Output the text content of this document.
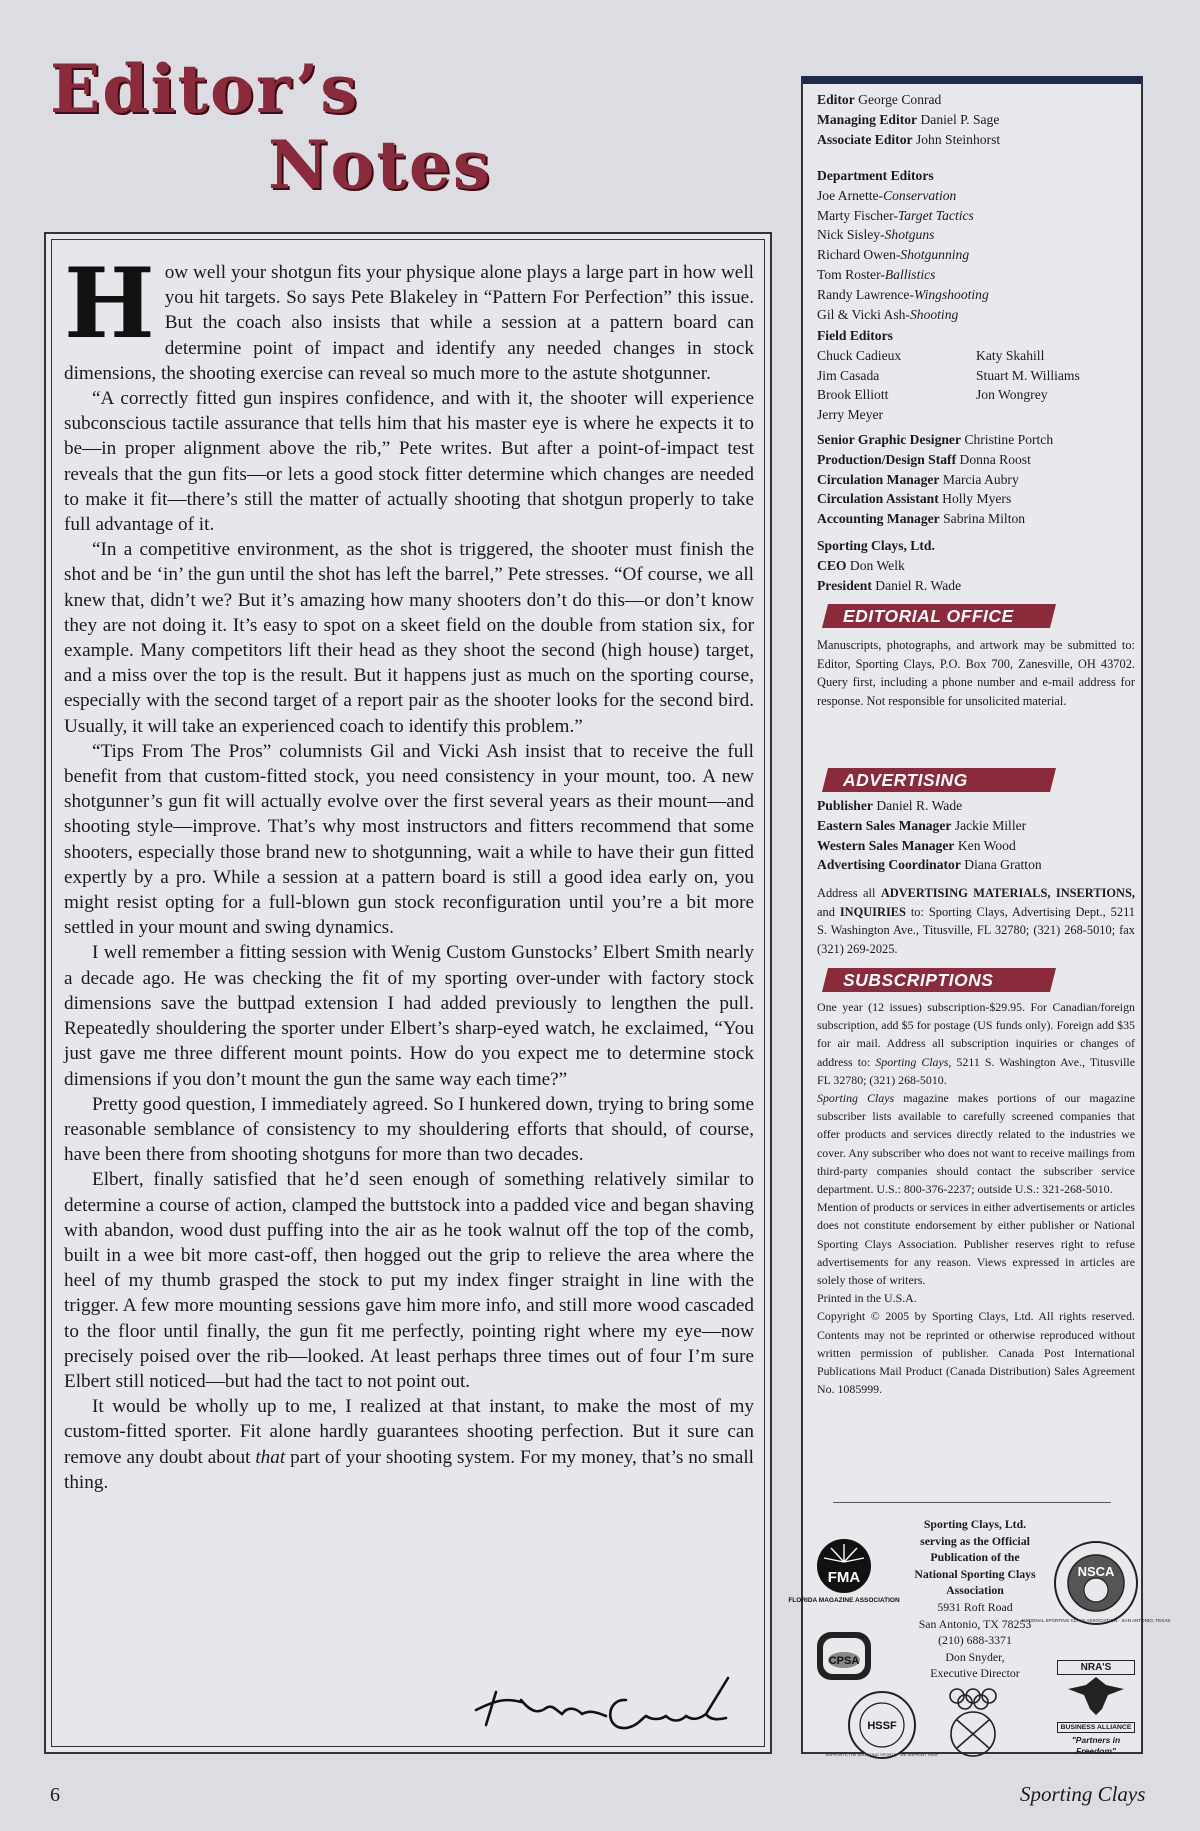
Editor’s
Notes

How well your shotgun fits your physique alone plays a large part in how well you hit targets. So says Pete Blakeley in “Pattern For Perfection” this issue. But the coach also insists that while a session at a pattern board can determine point of impact and identify any needed changes in stock dimensions, the shooting exercise can reveal so much more to the astute shotgunner.

“A correctly fitted gun inspires confidence, and with it, the shooter will experience subconscious tactile assurance that tells him that his master eye is where he expects it to be—in proper alignment above the rib,” Pete writes. But after a point-of-impact test reveals that the gun fits—or lets a good stock fitter determine which changes are needed to make it fit—there’s still the matter of actually shooting that shotgun properly to take full advantage of it.

“In a competitive environment, as the shot is triggered, the shooter must finish the shot and be ‘in’ the gun until the shot has left the barrel,” Pete stresses. “Of course, we all knew that, didn’t we? But it’s amazing how many shooters don’t do this—or don’t know they are not doing it. It’s easy to spot on a skeet field on the double from station six, for example. Many competitors lift their head as they shoot the second (high house) target, and a miss over the top is the result. But it happens just as much on the sporting course, especially with the second target of a report pair as the shooter looks for the second bird. Usually, it will take an experienced coach to identify this problem.”

“Tips From The Pros” columnists Gil and Vicki Ash insist that to receive the full benefit from that custom-fitted stock, you need consistency in your mount, too. A new shotgunner’s gun fit will actually evolve over the first several years as their mount—and shooting style—improve. That’s why most instructors and fitters recommend that some shooters, especially those brand new to shotgunning, wait a while to have their gun fitted expertly by a pro. While a session at a pattern board is still a good idea early on, you might resist opting for a full-blown gun stock reconfiguration until you’re a bit more settled in your mount and swing dynamics.

I well remember a fitting session with Wenig Custom Gunstocks’ Elbert Smith nearly a decade ago. He was checking the fit of my sporting over-under with factory stock dimensions save the buttpad extension I had added previously to lengthen the pull. Repeatedly shouldering the sporter under Elbert’s sharp-eyed watch, he exclaimed, “You just gave me three different mount points. How do you expect me to determine stock dimensions if you don’t mount the gun the same way each time?”

Pretty good question, I immediately agreed. So I hunkered down, trying to bring some reasonable semblance of consistency to my shouldering efforts that should, of course, have been there from shooting shotguns for more than two decades.

Elbert, finally satisfied that he’d seen enough of something relatively similar to determine a course of action, clamped the buttstock into a padded vice and began shaving with abandon, wood dust puffing into the air as he took walnut off the top of the comb, built in a wee bit more cast-off, then hogged out the grip to relieve the area where the heel of my thumb grasped the stock to put my index finger straight in line with the trigger. A few more mounting sessions gave him more info, and still more wood cascaded to the floor until finally, the gun fit me perfectly, pointing right where my eye—now precisely poised over the rib—looked. At least perhaps three times out of four I’m sure Elbert still noticed—but had the tact to not point out.

It would be wholly up to me, I realized at that instant, to make the most of my custom-fitted sporter. Fit alone hardly guarantees shooting perfection. But it sure can remove any doubt about that part of your shooting system. For my money, that’s no small thing.

Editor George Conrad

Managing Editor Daniel P. Sage

Associate Editor John Steinhorst

Department Editors

Joe Arnette-Conservation

Marty Fischer-Target Tactics

Nick Sisley-Shotguns

Richard Owen-Shotgunning

Tom Roster-Ballistics

Randy Lawrence-Wingshooting

Gil & Vicki Ash-Shooting

Field Editors

Chuck Cadieux

Jim Casada

Brook Elliott

Jerry Meyer

Katy Skahill

Stuart M. Williams

Jon Wongrey

Senior Graphic Designer Christine Portch

Production/Design Staff Donna Roost

Circulation Manager Marcia Aubry

Circulation Assistant Holly Myers

Accounting Manager Sabrina Milton

Sporting Clays, Ltd.

CEO Don Welk

President Daniel R. Wade

EDITORIAL OFFICE
Manuscripts, photographs, and artwork may be submitted to: Editor, Sporting Clays, P.O. Box 700, Zanesville, OH 43702. Query first, including a phone number and e-mail address for response. Not responsible for unsolicited material.
ADVERTISING

Publisher Daniel R. Wade

Eastern Sales Manager Jackie Miller

Western Sales Manager Ken Wood

Advertising Coordinator Diana Gratton

Address all ADVERTISING MATERIALS, INSERTIONS, and INQUIRIES to: Sporting Clays, Advertising Dept., 5211 S. Washington Ave., Titusville, FL 32780; (321) 268-5010; fax (321) 269-2025.
SUBSCRIPTIONS

One year (12 issues) subscription-$29.95. For Canadian/foreign subscription, add $5 for postage (US funds only). Foreign add $35 for air mail. Address all subscription inquiries or changes of address to: Sporting Clays, 5211 S. Washington Ave., Titusville FL 32780; (321) 268-5010.

Sporting Clays magazine makes portions of our magazine subscriber lists available to carefully screened companies that offer products and services directly related to the industries we cover. Any subscriber who does not want to receive mailings from third-party companies should contact the subscriber service department. U.S.: 800-376-2237; outside U.S.: 321-268-5010.

Mention of products or services in either advertisements or articles does not constitute endorsement by either publisher or National Sporting Clays Association. Publisher reserves right to refuse advertisements for any reason. Views expressed in articles are solely those of writers.

Printed in the U.S.A.

Copyright © 2005 by Sporting Clays, Ltd. All rights reserved. Contents may not be reprinted or otherwise reproduced without written permission of publisher. Canada Post International Publications Mail Product (Canada Distribution) Sales Agreement No. 1085999.

Sporting Clays, Ltd.
serving as the Official
Publication of the
National Sporting Clays
Association
5931 Roft Road
San Antonio, TX 78253
(210) 688-3371
Don Snyder,
Executive Director
FMA
FLORIDA MAGAZINE ASSOCIATION
CPSA
NSCA
NATIONAL SPORTING CLAYS ASSOCIATION · SAN ANTONIO, TEXAS
HSSF
SUPPORTS THE SHOOTING SPORTS · WE SUPPORT HSSF
NRA'S
BUSINESS ALLIANCE
"Partners in Freedom"
6	Sporting Clays
